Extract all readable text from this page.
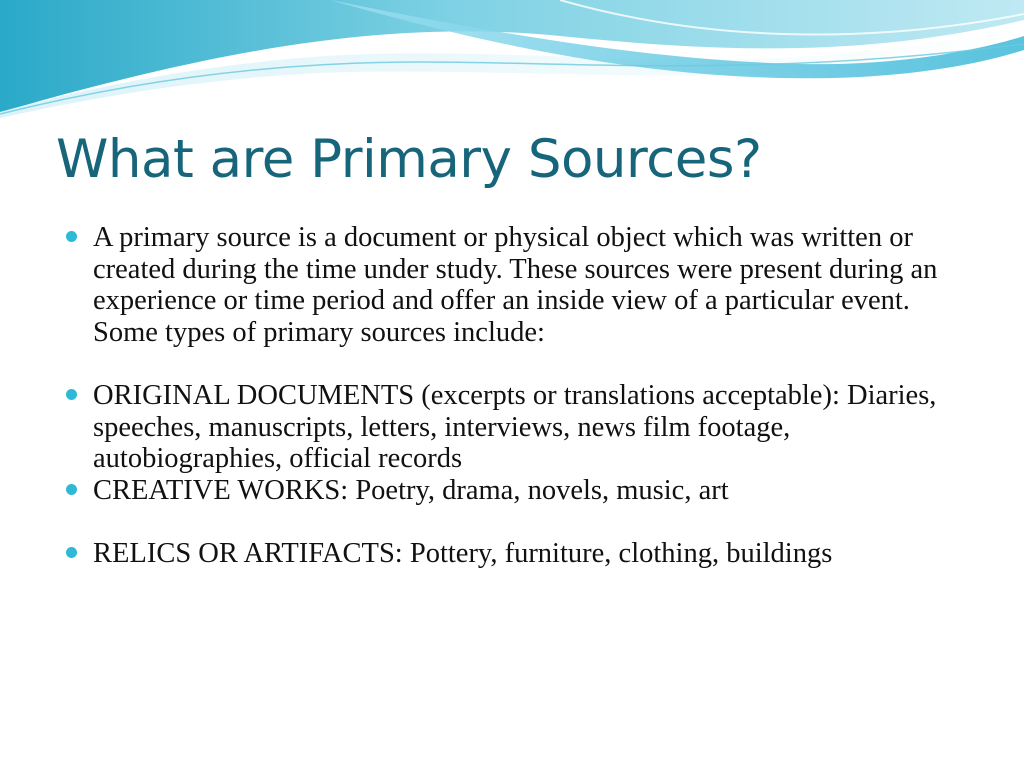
What are Primary Sources?
A primary source is a document or physical object which was written or created during the time under study. These sources were present during an experience or time period and offer an inside view of a particular event. Some types of primary sources include:
ORIGINAL DOCUMENTS (excerpts or translations acceptable): Diaries, speeches, manuscripts, letters, interviews, news film footage, autobiographies, official records
CREATIVE WORKS: Poetry, drama, novels, music, art
RELICS OR ARTIFACTS: Pottery, furniture, clothing, buildings
